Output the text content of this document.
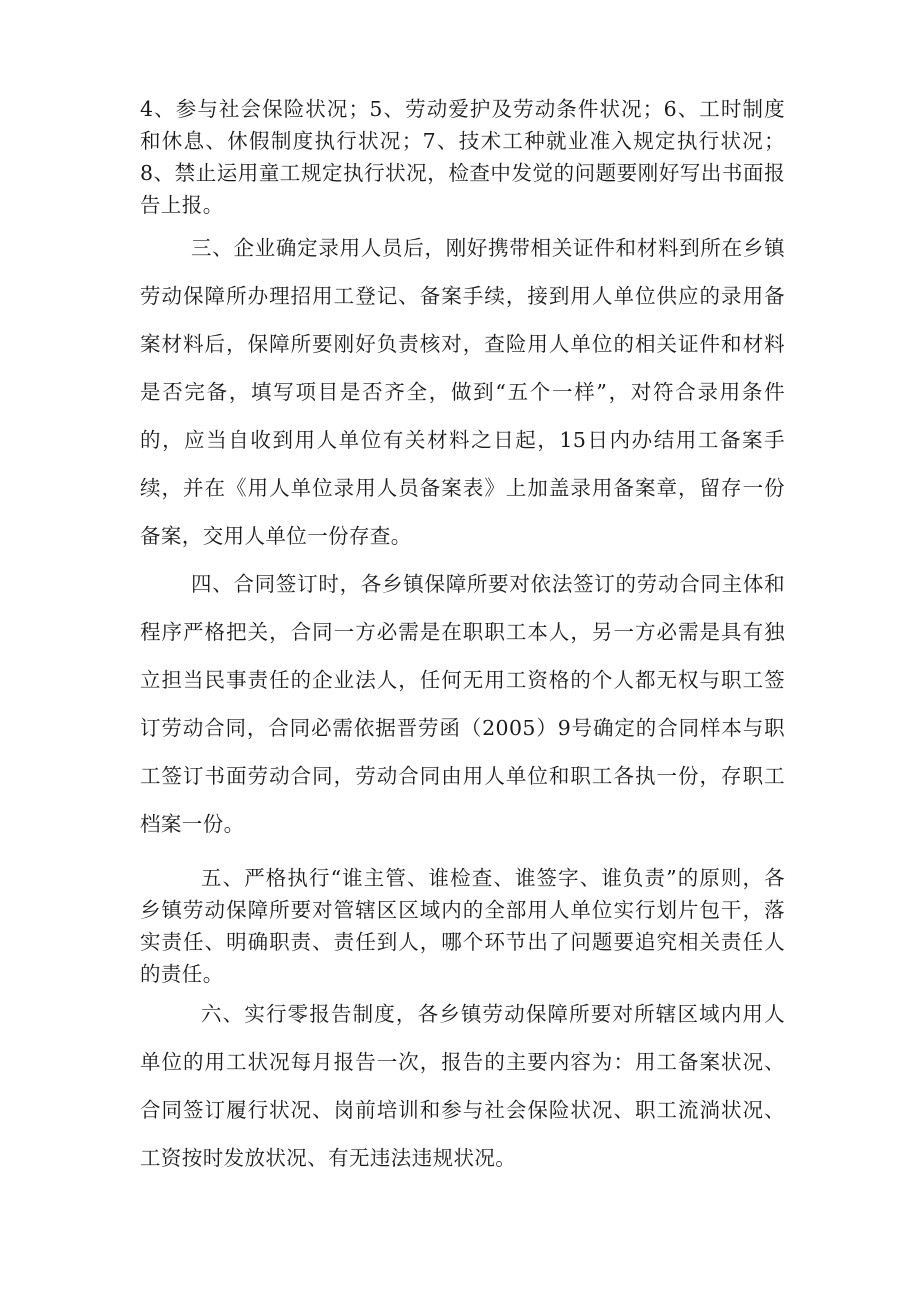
4、参与社会保险状况；5、劳动爱护及劳动条件状况；6、工时制度和休息、休假制度执行状况；7、技术工种就业准入规定执行状况；8、禁止运用童工规定执行状况，检查中发觉的问题要刚好写出书面报告上报。

三、企业确定录用人员后，刚好携带相关证件和材料到所在乡镇劳动保障所办理招用工登记、备案手续，接到用人单位供应的录用备案材料后，保障所要刚好负责核对，查险用人单位的相关证件和材料是否完备，填写项目是否齐全，做到“五个一样”，对符合录用条件的，应当自收到用人单位有关材料之日起，15日内办结用工备案手续，并在《用人单位录用人员备案表》上加盖录用备案章，留存一份备案，交用人单位一份存查。

四、合同签订时，各乡镇保障所要对依法签订的劳动合同主体和程序严格把关，合同一方必需是在职职工本人，另一方必需是具有独立担当民事责任的企业法人，任何无用工资格的个人都无权与职工签订劳动合同，合同必需依据晋劳函（2005）9号确定的合同样本与职工签订书面劳动合同，劳动合同由用人单位和职工各执一份，存职工档案一份。

五、严格执行“谁主管、谁检查、谁签字、谁负责”的原则，各乡镇劳动保障所要对管辖区区域内的全部用人单位实行划片包干，落实责任、明确职责、责任到人，哪个环节出了问题要追究相关责任人的责任。

六、实行零报告制度，各乡镇劳动保障所要对所辖区域内用人单位的用工状况每月报告一次，报告的主要内容为：用工备案状况、合同签订履行状况、岗前培训和参与社会保险状况、职工流淌状况、工资按时发放状况、有无违法违规状况。
